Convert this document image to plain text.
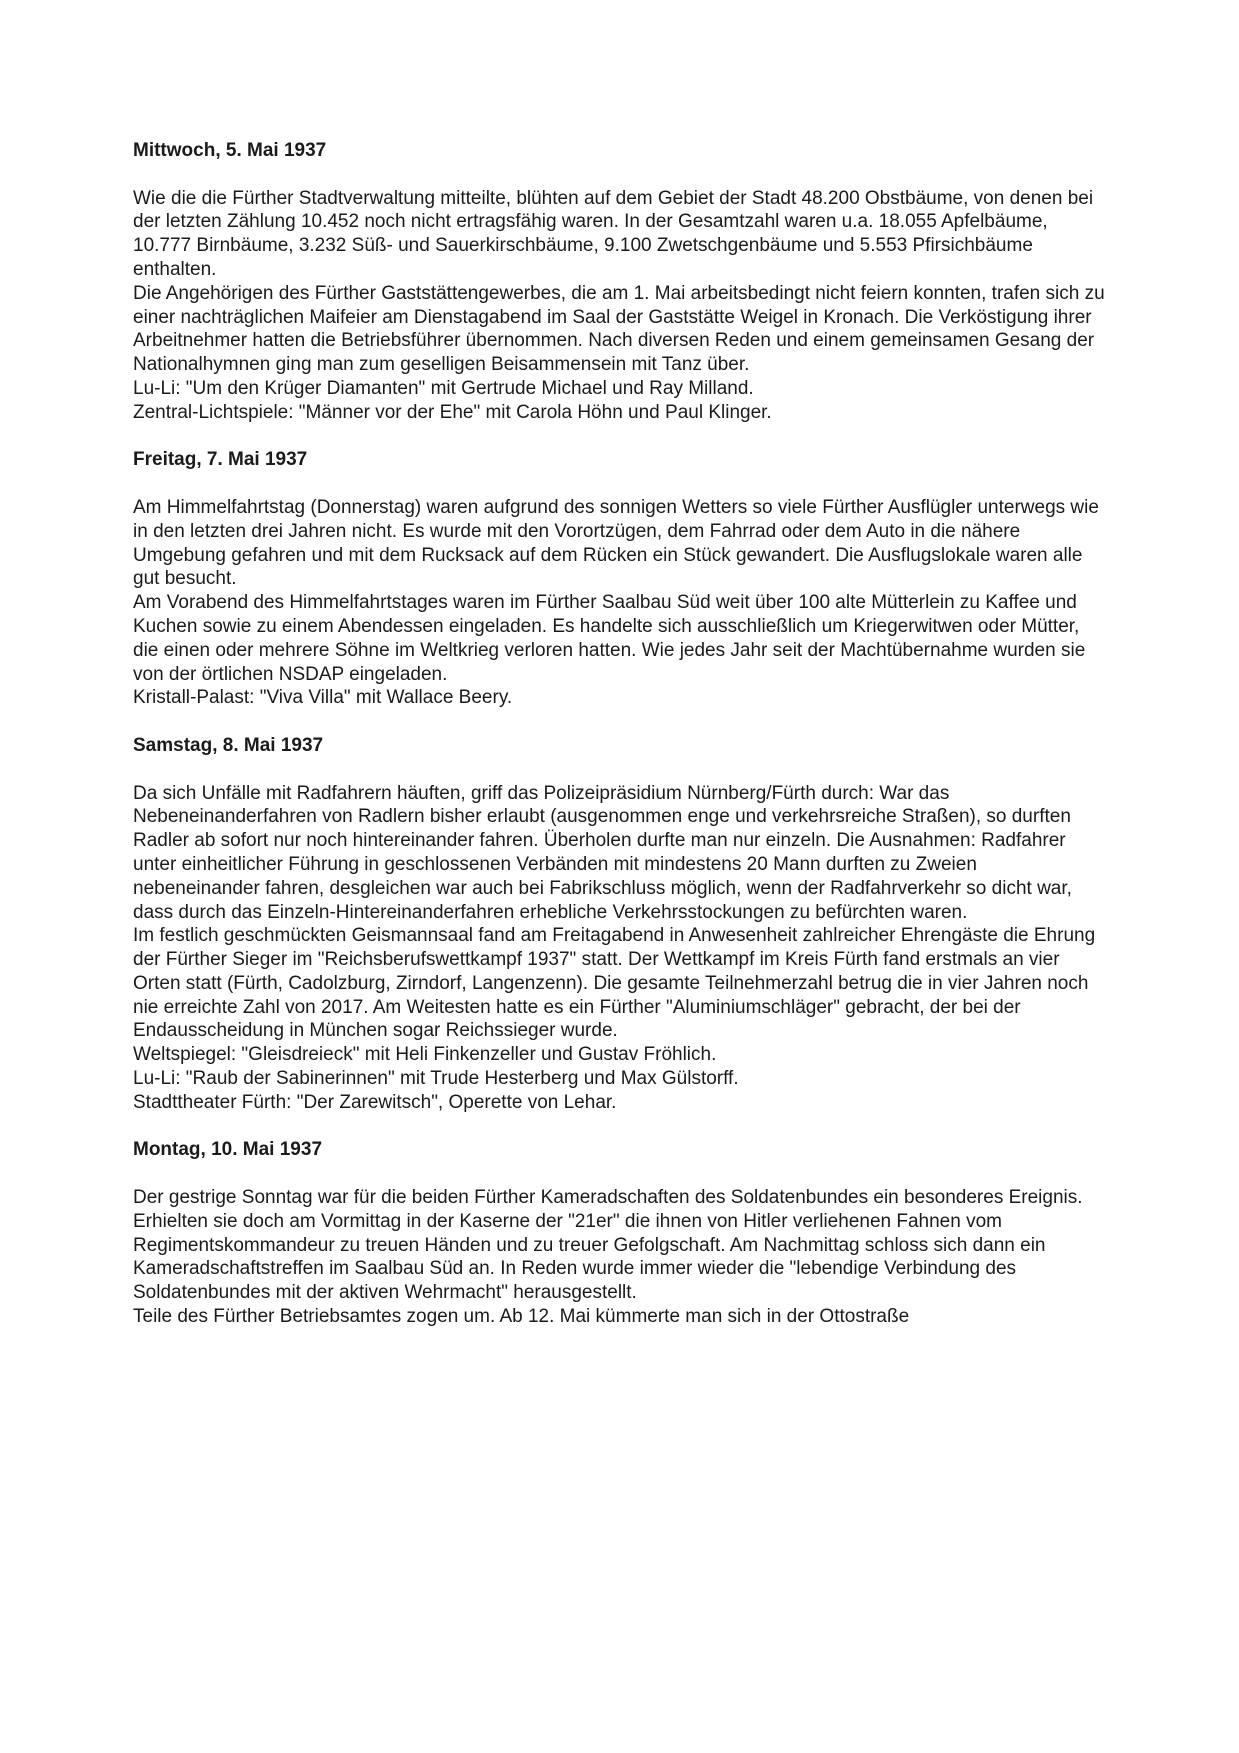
Mittwoch, 5. Mai 1937

Wie die die Fürther Stadtverwaltung mitteilte, blühten auf dem Gebiet der Stadt 48.200 Obstbäume, von denen bei der letzten Zählung 10.452 noch nicht ertragsfähig waren. In der Gesamtzahl waren u.a. 18.055 Apfelbäume, 10.777 Birnbäume, 3.232 Süß- und Sauerkirschbäume, 9.100 Zwetschgenbäume und 5.553 Pfirsichbäume enthalten.

Die Angehörigen des Fürther Gaststättengewerbes, die am 1. Mai arbeitsbedingt nicht feiern konnten, trafen sich zu einer nachträglichen Maifeier am Dienstagabend im Saal der Gaststätte Weigel in Kronach. Die Verköstigung ihrer Arbeitnehmer hatten die Betriebsführer übernommen. Nach diversen Reden und einem gemeinsamen Gesang der Nationalhymnen ging man zum geselligen Beisammensein mit Tanz über.

Lu-Li: "Um den Krüger Diamanten" mit Gertrude Michael und Ray Milland.

Zentral-Lichtspiele: "Männer vor der Ehe" mit Carola Höhn und Paul Klinger.

Freitag, 7. Mai 1937

Am Himmelfahrtstag (Donnerstag) waren aufgrund des sonnigen Wetters so viele Fürther Ausflügler unterwegs wie in den letzten drei Jahren nicht. Es wurde mit den Vorortzügen, dem Fahrrad oder dem Auto in die nähere Umgebung gefahren und mit dem Rucksack auf dem Rücken ein Stück gewandert. Die Ausflugslokale waren alle gut besucht.

Am Vorabend des Himmelfahrtstages waren im Fürther Saalbau Süd weit über 100 alte Mütterlein zu Kaffee und Kuchen sowie zu einem Abendessen eingeladen. Es handelte sich ausschließlich um Kriegerwitwen oder Mütter, die einen oder mehrere Söhne im Weltkrieg verloren hatten. Wie jedes Jahr seit der Machtübernahme wurden sie von der örtlichen NSDAP eingeladen.

Kristall-Palast: "Viva Villa" mit Wallace Beery.

Samstag, 8. Mai 1937

Da sich Unfälle mit Radfahrern häuften, griff das Polizeipräsidium Nürnberg/Fürth durch: War das Nebeneinanderfahren von Radlern bisher erlaubt (ausgenommen enge und verkehrsreiche Straßen), so durften Radler ab sofort nur noch hintereinander fahren. Überholen durfte man nur einzeln. Die Ausnahmen: Radfahrer unter einheitlicher Führung in geschlossenen Verbänden mit mindestens 20 Mann durften zu Zweien nebeneinander fahren, desgleichen war auch bei Fabrikschluss möglich, wenn der Radfahrverkehr so dicht war, dass durch das Einzeln-Hintereinanderfahren erhebliche Verkehrsstockungen zu befürchten waren.

Im festlich geschmückten Geismannsaal fand am Freitagabend in Anwesenheit zahlreicher Ehrengäste die Ehrung der Fürther Sieger im "Reichsberufswettkampf 1937" statt. Der Wettkampf im Kreis Fürth fand erstmals an vier Orten statt (Fürth, Cadolzburg, Zirndorf, Langenzenn). Die gesamte Teilnehmerzahl betrug die in vier Jahren noch nie erreichte Zahl von 2017. Am Weitesten hatte es ein Fürther "Aluminiumschläger" gebracht, der bei der Endausscheidung in München sogar Reichssieger wurde.

Weltspiegel: "Gleisdreieck" mit Heli Finkenzeller und Gustav Fröhlich.

Lu-Li: "Raub der Sabinerinnen" mit Trude Hesterberg und Max Gülstorff.

Stadttheater Fürth: "Der Zarewitsch", Operette von Lehar.

Montag, 10. Mai 1937

Der gestrige Sonntag war für die beiden Fürther Kameradschaften des Soldatenbundes ein besonderes Ereignis. Erhielten sie doch am Vormittag in der Kaserne der "21er" die ihnen von Hitler verliehenen Fahnen vom Regimentskommandeur zu treuen Händen und zu treuer Gefolgschaft. Am Nachmittag schloss sich dann ein Kameradschaftstreffen im Saalbau Süd an. In Reden wurde immer wieder die "lebendige Verbindung des Soldatenbundes mit der aktiven Wehrmacht" herausgestellt.

Teile des Fürther Betriebsamtes zogen um. Ab 12. Mai kümmerte man sich in der Ottostraße
